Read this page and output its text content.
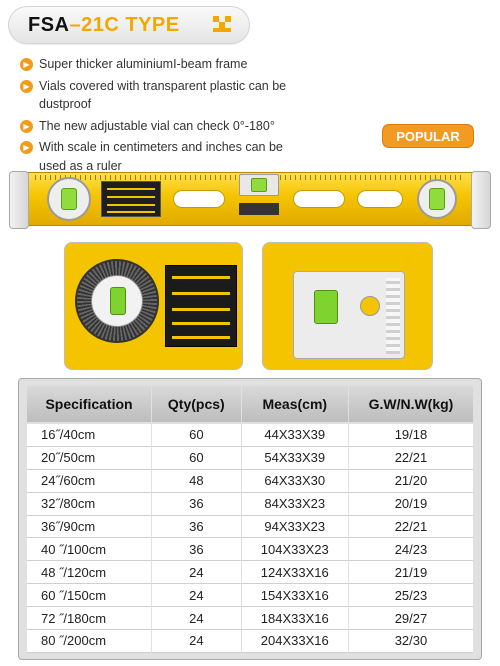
FSA–21C TYPE
▶ Super thicker aluminiumI-beam frame
▶ Vials covered with transparent plastic can be dustproof
▶ The new adjustable vial can check 0°-180°
▶ With scale in centimeters and inches can be used as a ruler
POPULAR
Specification	Qty(pcs)	Meas(cm)	G.W/N.W(kg)
16˝/40cm	60	44X33X39	19/18
20˝/50cm	60	54X33X39	22/21
24˝/60cm	48	64X33X30	21/20
32˝/80cm	36	84X33X23	20/19
36˝/90cm	36	94X33X23	22/21
40 ˝/100cm	36	104X33X23	24/23
48 ˝/120cm	24	124X33X16	21/19
60 ˝/150cm	24	154X33X16	25/23
72 ˝/180cm	24	184X33X16	29/27
80 ˝/200cm	24	204X33X16	32/30
